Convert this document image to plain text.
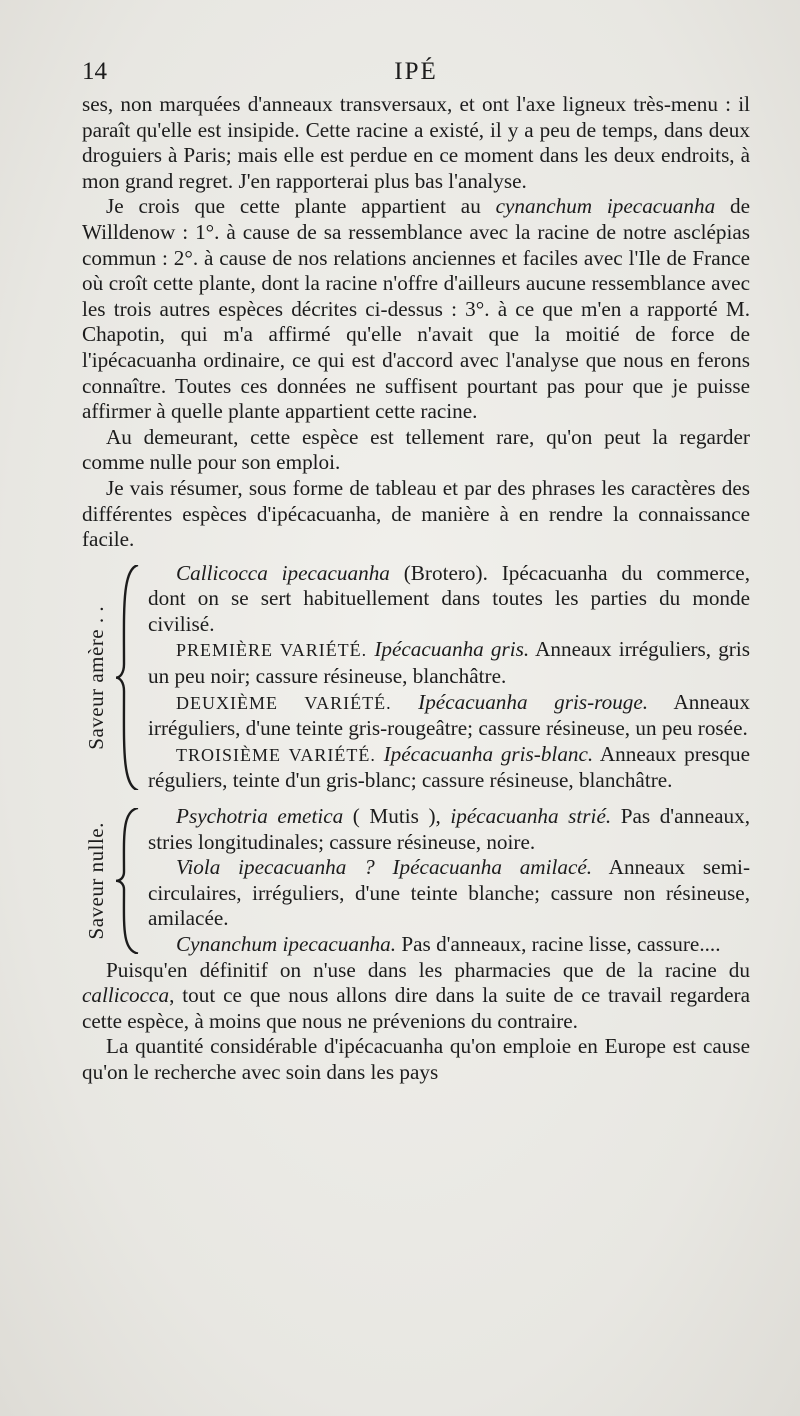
14	IPÉ

ses, non marquées d'anneaux transversaux, et ont l'axe ligneux très-menu : il paraît qu'elle est insipide. Cette racine a existé, il y a peu de temps, dans deux droguiers à Paris; mais elle est perdue en ce moment dans les deux endroits, à mon grand regret. J'en rapporterai plus bas l'analyse.

Je crois que cette plante appartient au cynanchum ipecacuanha de Willdenow : 1°. à cause de sa ressemblance avec la racine de notre asclépias commun : 2°. à cause de nos relations anciennes et faciles avec l'Ile de France où croît cette plante, dont la racine n'offre d'ailleurs aucune ressemblance avec les trois autres espèces décrites ci-dessus : 3°. à ce que m'en a rapporté M. Chapotin, qui m'a affirmé qu'elle n'avait que la moitié de force de l'ipécacuanha ordinaire, ce qui est d'accord avec l'analyse que nous en ferons connaître. Toutes ces données ne suffisent pourtant pas pour que je puisse affirmer à quelle plante appartient cette racine.

Au demeurant, cette espèce est tellement rare, qu'on peut la regarder comme nulle pour son emploi.

Je vais résumer, sous forme de tableau et par des phrases les caractères des différentes espèces d'ipécacuanha, de manière à en rendre la connaissance facile.

Saveur amère . .

Callicocca ipecacuanha (Brotero). Ipécacuanha du commerce, dont on se sert habituellement dans toutes les parties du monde civilisé.

PREMIÈRE VARIÉTÉ. Ipécacuanha gris. Anneaux irréguliers, gris un peu noir; cassure résineuse, blanchâtre.

DEUXIÈME VARIÉTÉ. Ipécacuanha gris-rouge. Anneaux irréguliers, d'une teinte gris-rougeâtre; cassure résineuse, un peu rosée.

TROISIÈME VARIÉTÉ. Ipécacuanha gris-blanc. Anneaux presque réguliers, teinte d'un gris-blanc; cassure résineuse, blanchâtre.

Saveur nulle.

Psychotria emetica ( Mutis ), ipécacuanha strié. Pas d'anneaux, stries longitudinales; cassure résineuse, noire.

Viola ipecacuanha ? Ipécacuanha amilacé. Anneaux semi-circulaires, irréguliers, d'une teinte blanche; cassure non résineuse, amilacée.

Cynanchum ipecacuanha. Pas d'anneaux, racine lisse, cassure....

Puisqu'en définitif on n'use dans les pharmacies que de la racine du callicocca, tout ce que nous allons dire dans la suite de ce travail regardera cette espèce, à moins que nous ne prévenions du contraire.

La quantité considérable d'ipécacuanha qu'on emploie en Europe est cause qu'on le recherche avec soin dans les pays
